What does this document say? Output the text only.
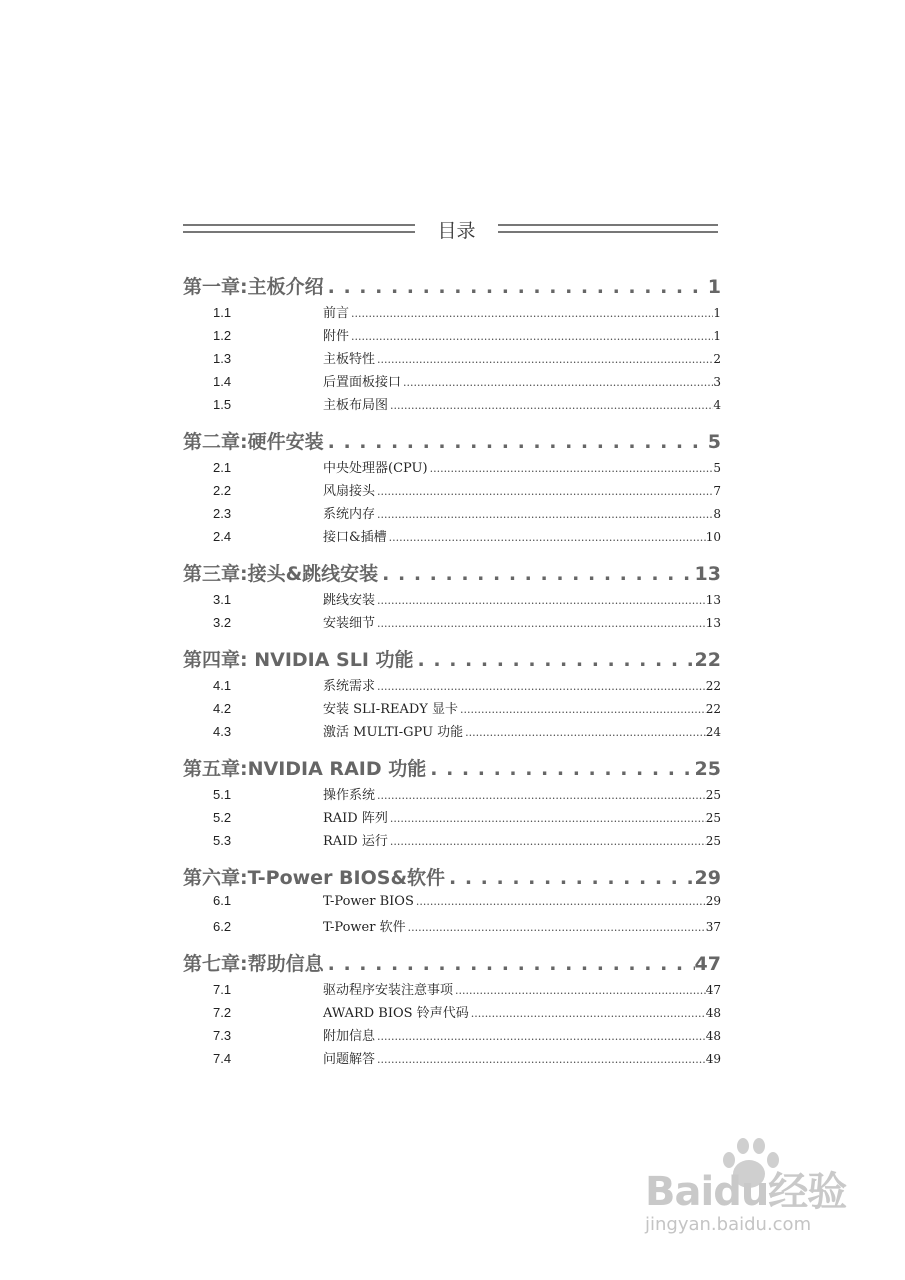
目录
第一章:主板介绍 . . .	1
1.1	前言 .....	1
1.2	附件 .....	1
1.3	主板特性 .....	2
1.4	后置面板接口 .....	3
1.5	主板布局图 .....	4
第二章:硬件安装 . . .	5
2.1	中央处理器(CPU) .....	5
2.2	风扇接头 .....	7
2.3	系统内存 .....	8
2.4	接口&插槽 .....	10
第三章:接头&跳线安装 . . .	13
3.1	跳线安装 .....	13
3.2	安装细节 .....	13
第四章: NVIDIA SLI 功能 . . .	22
4.1	系统需求 .....	22
4.2	安装 SLI-READY 显卡 .....	22
4.3	激活 MULTI-GPU 功能 .....	24
第五章:NVIDIA RAID 功能 . . .	25
5.1	操作系统 .....	25
5.2	RAID 阵列 .....	25
5.3	RAID 运行 .....	25
第六章:T-Power BIOS&软件 . . .	29
6.1	T-Power BIOS .....	29
6.2	T-Power 软件 .....	37
第七章:帮助信息 . . .	47
7.1	驱动程序安装注意事项 .....	47
7.2	AWARD BIOS 铃声代码 .....	48
7.3	附加信息 .....	48
7.4	问题解答 .....	49
Baidu经验
jingyan.baidu.com
